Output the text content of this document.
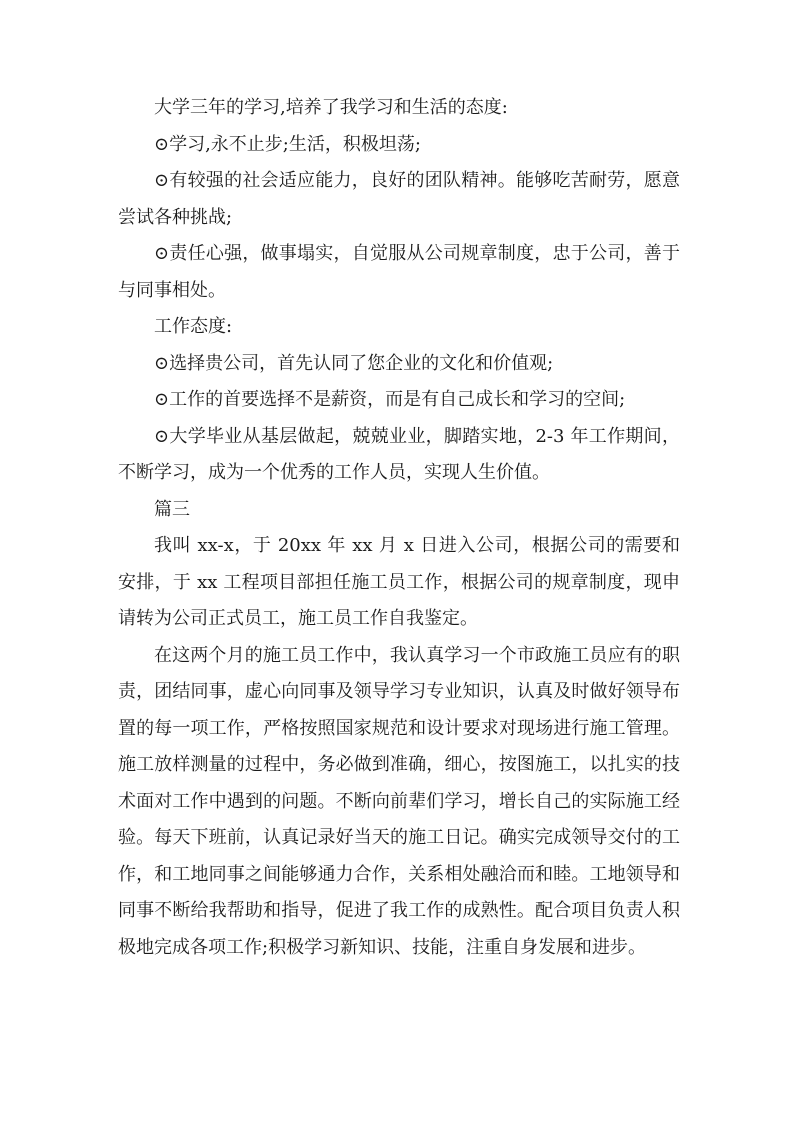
大学三年的学习,培养了我学习和生活的态度:

⊙学习,永不止步;生活，积极坦荡;

⊙有较强的社会适应能力，良好的团队精神。能够吃苦耐劳，愿意尝试各种挑战;

⊙责任心强，做事塌实，自觉服从公司规章制度，忠于公司，善于与同事相处。

工作态度:

⊙选择贵公司，首先认同了您企业的文化和价值观;

⊙工作的首要选择不是薪资，而是有自己成长和学习的空间;

⊙大学毕业从基层做起，兢兢业业，脚踏实地，2-3 年工作期间，不断学习，成为一个优秀的工作人员，实现人生价值。

篇三

我叫 xx-x，于 20xx 年 xx 月 x 日进入公司，根据公司的需要和安排，于 xx 工程项目部担任施工员工作，根据公司的规章制度，现申请转为公司正式员工，施工员工作自我鉴定。

在这两个月的施工员工作中，我认真学习一个市政施工员应有的职责，团结同事，虚心向同事及领导学习专业知识，认真及时做好领导布置的每一项工作，严格按照国家规范和设计要求对现场进行施工管理。施工放样测量的过程中，务必做到准确，细心，按图施工，以扎实的技术面对工作中遇到的问题。不断向前辈们学习，增长自己的实际施工经验。每天下班前，认真记录好当天的施工日记。确实完成领导交付的工作，和工地同事之间能够通力合作，关系相处融洽而和睦。工地领导和同事不断给我帮助和指导，促进了我工作的成熟性。配合项目负责人积极地完成各项工作;积极学习新知识、技能，注重自身发展和进步。
